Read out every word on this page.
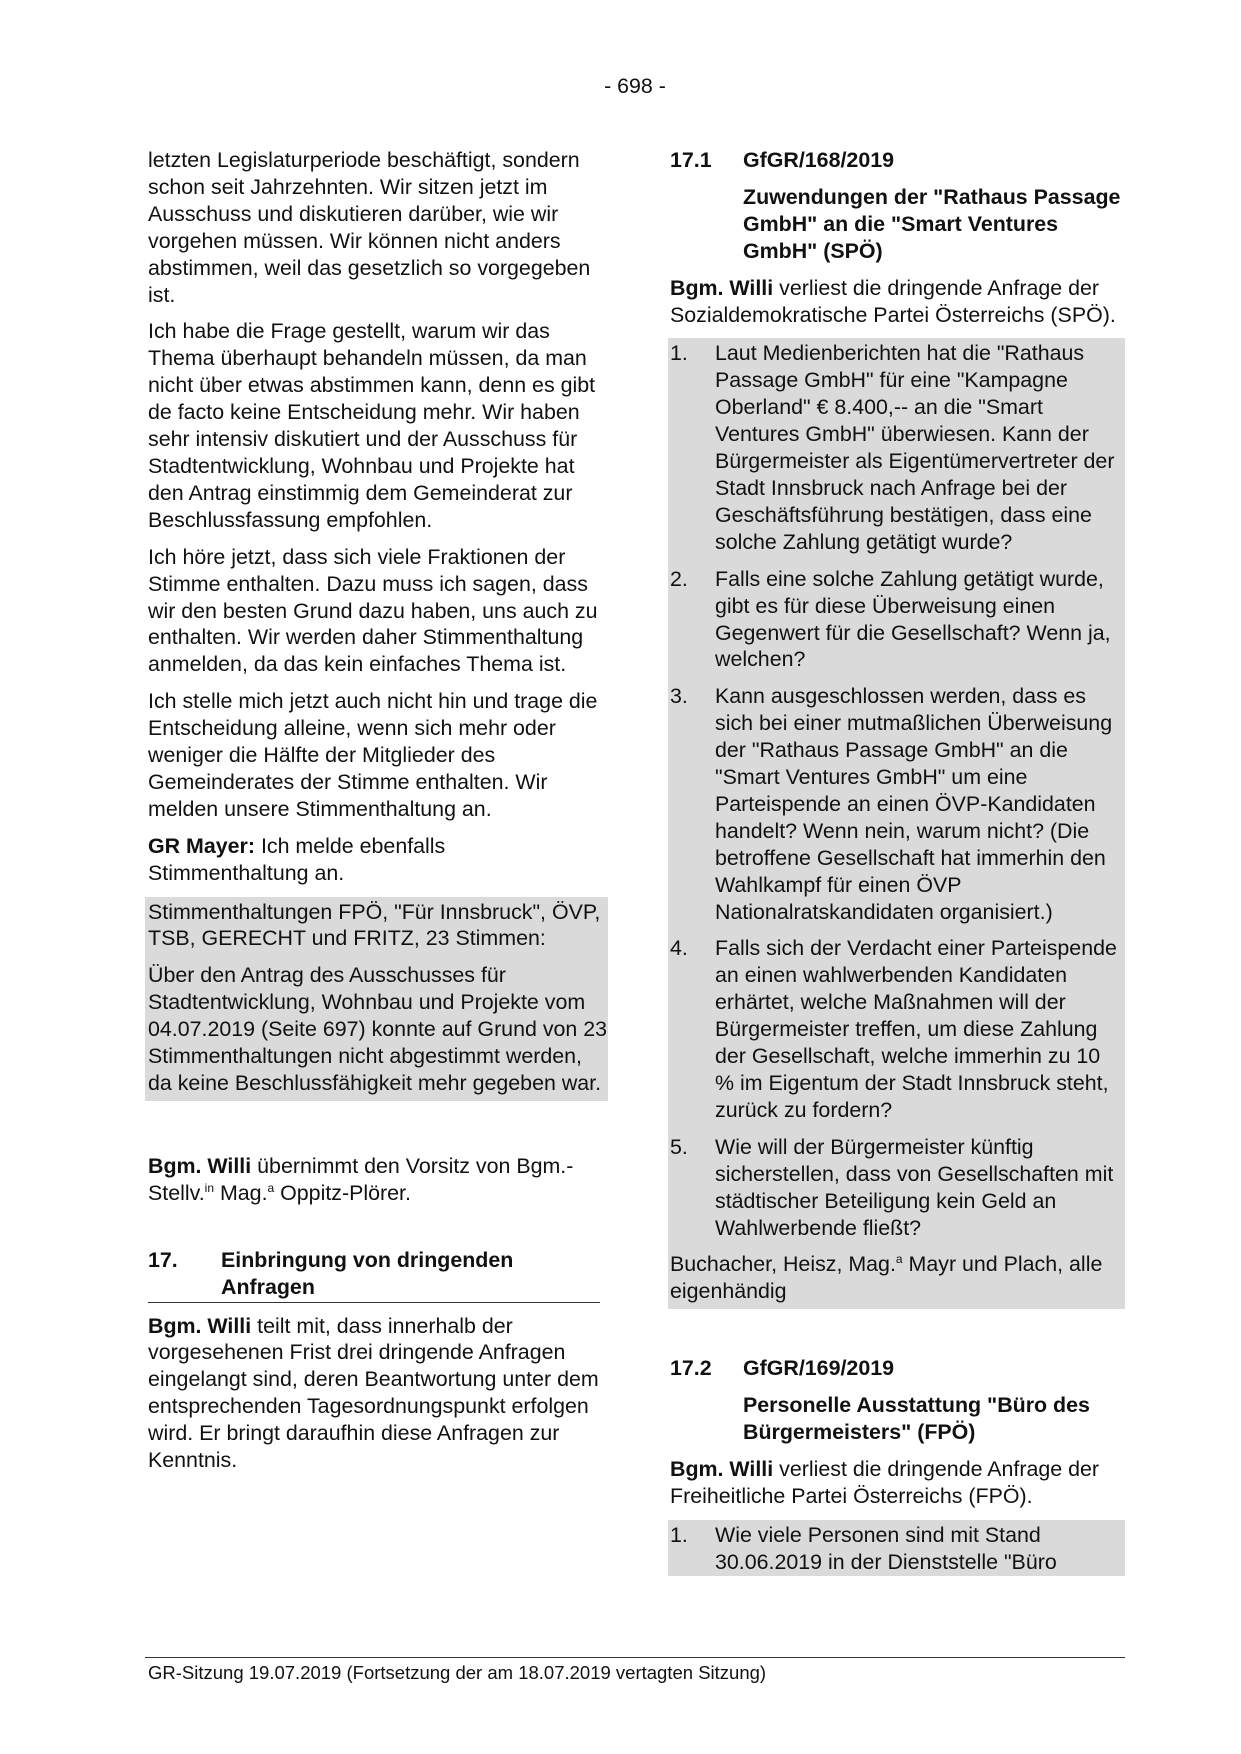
- 698 -

letzten Legislaturperiode beschäftigt, sondern schon seit Jahrzehnten. Wir sitzen jetzt im Ausschuss und diskutieren darüber, wie wir vorgehen müssen. Wir können nicht anders abstimmen, weil das gesetzlich so vorgegeben ist.

Ich habe die Frage gestellt, warum wir das Thema überhaupt behandeln müssen, da man nicht über etwas abstimmen kann, denn es gibt de facto keine Entscheidung mehr. Wir haben sehr intensiv diskutiert und der Ausschuss für Stadtentwicklung, Wohnbau und Projekte hat den Antrag einstimmig dem Gemeinderat zur Beschlussfassung empfohlen.

Ich höre jetzt, dass sich viele Fraktionen der Stimme enthalten. Dazu muss ich sagen, dass wir den besten Grund dazu haben, uns auch zu enthalten. Wir werden daher Stimmenthaltung anmelden, da das kein einfaches Thema ist.

Ich stelle mich jetzt auch nicht hin und trage die Entscheidung alleine, wenn sich mehr oder weniger die Hälfte der Mitglieder des Gemeinderates der Stimme enthalten. Wir melden unsere Stimmenthaltung an.

GR Mayer: Ich melde ebenfalls Stimmenthaltung an.

Stimmenthaltungen FPÖ, "Für Innsbruck", ÖVP, TSB, GERECHT und FRITZ, 23 Stimmen:

Über den Antrag des Ausschusses für Stadtentwicklung, Wohnbau und Projekte vom 04.07.2019 (Seite 697) konnte auf Grund von 23 Stimmenthaltungen nicht abgestimmt werden, da keine Beschlussfähigkeit mehr gegeben war.

Bgm. Willi übernimmt den Vorsitz von Bgm.-Stellv.$^{in}$ Mag.$^a$ Oppitz-Plörer.

17.	Einbringung von dringenden Anfragen

Bgm. Willi teilt mit, dass innerhalb der vorgesehenen Frist drei dringende Anfragen eingelangt sind, deren Beantwortung unter dem entsprechenden Tagesordnungspunkt erfolgen wird. Er bringt daraufhin diese Anfragen zur Kenntnis.

17.1	GfGR/168/2019

Zuwendungen der "Rathaus Passage GmbH" an die "Smart Ventures GmbH" (SPÖ)

Bgm. Willi verliest die dringende Anfrage der Sozialdemokratische Partei Österreichs (SPÖ).

1.	Laut Medienberichten hat die "Rathaus Passage GmbH" für eine "Kampagne Oberland" € 8.400,-- an die "Smart Ventures GmbH" überwiesen. Kann der Bürgermeister als Eigentümervertreter der Stadt Innsbruck nach Anfrage bei der Geschäftsführung bestätigen, dass eine solche Zahlung getätigt wurde?
2.	Falls eine solche Zahlung getätigt wurde, gibt es für diese Überweisung einen Gegenwert für die Gesellschaft? Wenn ja, welchen?
3.	Kann ausgeschlossen werden, dass es sich bei einer mutmaßlichen Überweisung der "Rathaus Passage GmbH" an die "Smart Ventures GmbH" um eine Parteispende an einen ÖVP-Kandidaten handelt? Wenn nein, warum nicht? (Die betroffene Gesellschaft hat immerhin den Wahlkampf für einen ÖVP Nationalratskandidaten organisiert.)
4.	Falls sich der Verdacht einer Parteispende an einen wahlwerbenden Kandidaten erhärtet, welche Maßnahmen will der Bürgermeister treffen, um diese Zahlung der Gesellschaft, welche immerhin zu 10 % im Eigentum der Stadt Innsbruck steht, zurück zu fordern?
5.	Wie will der Bürgermeister künftig sicherstellen, dass von Gesellschaften mit städtischer Beteiligung kein Geld an Wahlwerbende fließt?

Buchacher, Heisz, Mag.$^a$ Mayr und Plach, alle eigenhändig

17.2	GfGR/169/2019

Personelle Ausstattung "Büro des Bürgermeisters" (FPÖ)

Bgm. Willi verliest die dringende Anfrage der Freiheitliche Partei Österreichs (FPÖ).

1.	Wie viele Personen sind mit Stand 30.06.2019 in der Dienststelle "Büro
GR-Sitzung 19.07.2019 (Fortsetzung der am 18.07.2019 vertagten Sitzung)
